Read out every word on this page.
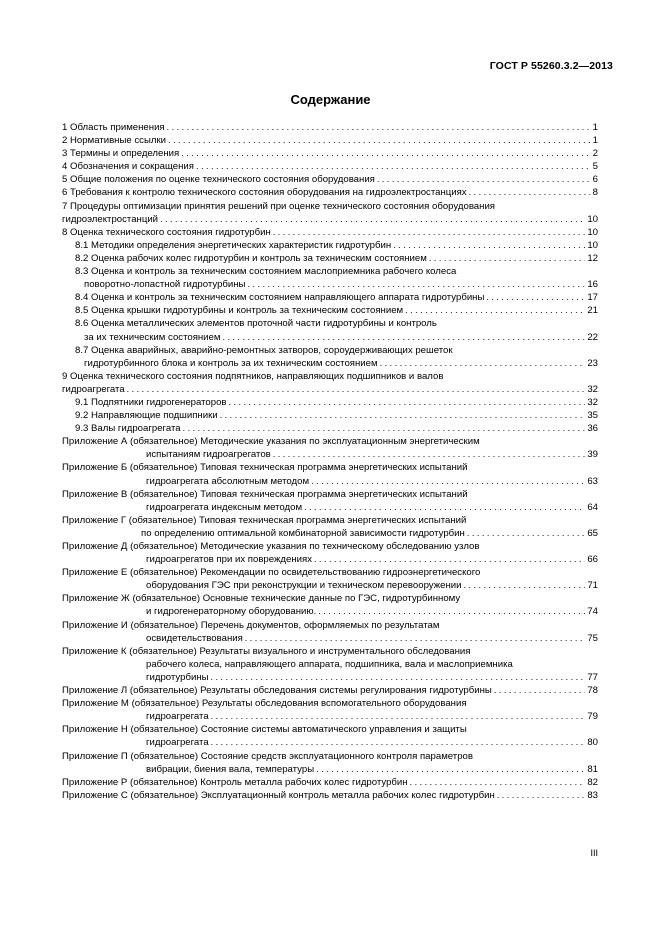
ГОСТ Р 55260.3.2—2013
Содержание
1 Область применения . . .	1
2 Нормативные ссылки . . .	1
3 Термины и определения . . .	2
4 Обозначения и сокращения . . .	5
5 Общие положения по оценке технического состояния оборудования . . .	6
6 Требования к контролю технического состояния оборудования на гидроэлектростанциях . . .	8
7 Процедуры оптимизации принятия решений при оценке технического состояния оборудования
гидроэлектростанций . . .	10
8 Оценка технического состояния гидротурбин . . .	10
8.1 Методики определения энергетических характеристик гидротурбин . . .	10
8.2 Оценка рабочих колес гидротурбин и контроль за техническим состоянием . . .	12
8.3 Оценка и контроль за техническим состоянием маслоприемника рабочего колеса
поворотно-лопастной гидротурбины . . .	16
8.4 Оценка и контроль за техническим состоянием направляющего аппарата гидротурбины . . .	17
8.5 Оценка крышки гидротурбины и контроль за техническим состоянием . . .	21
8.6 Оценка металлических элементов проточной части гидротурбины и контроль
за их техническим состоянием . . .	22
8.7 Оценка аварийных, аварийно-ремонтных затворов, сороудерживающих решеток
гидротурбинного блока и контроль за их техническим состоянием . . .	23
9 Оценка технического состояния подпятников, направляющих подшипников и валов
гидроагрегата . . .	32
9.1 Подпятники гидрогенераторов . . .	32
9.2 Направляющие подшипники . . .	35
9.3 Валы гидроагрегата . . .	36
Приложение А (обязательное) Методические указания по эксплуатационным энергетическим
испытаниям гидроагрегатов . . .	39
Приложение Б (обязательное) Типовая техническая программа энергетических испытаний
гидроагрегата абсолютным методом . . .	63
Приложение В (обязательное) Типовая техническая программа энергетических испытаний
гидроагрегата индексным методом . . .	64
Приложение Г (обязательное) Типовая техническая программа энергетических испытаний
по определению оптимальной комбинаторной зависимости гидротурбин . . .	65
Приложение Д (обязательное) Методические указания по техническому обследованию узлов
гидроагрегатов при их повреждениях . . .	66
Приложение Е (обязательное) Рекомендации по освидетельствованию гидроэнергетического
оборудования ГЭС при реконструкции и техническом перевооружении . . .	71
Приложение Ж (обязательное) Основные технические данные по ГЭС, гидротурбинному
и гидрогенераторному оборудованию. . . .	74
Приложение И (обязательное) Перечень документов, оформляемых по результатам
освидетельствования . . .	75
Приложение К (обязательное) Результаты визуального и инструментального обследования
рабочего колеса, направляющего аппарата, подшипника, вала и маслоприемника
гидротурбины . . .	77
Приложение Л (обязательное) Результаты обследования системы регулирования гидротурбины . . .	78
Приложение М (обязательное) Результаты обследования вспомогательного оборудования
гидроагрегата . . .	79
Приложение Н (обязательное) Состояние системы автоматического управления и защиты
гидроагрегата . . .	80
Приложение П (обязательное) Состояние средств эксплуатационного контроля параметров
вибрации, биения вала, температуры . . .	81
Приложение Р (обязательное) Контроль металла рабочих колес гидротурбин . . .	82
Приложение С (обязательное) Эксплуатационный контроль металла рабочих колес гидротурбин . . .	83
III
